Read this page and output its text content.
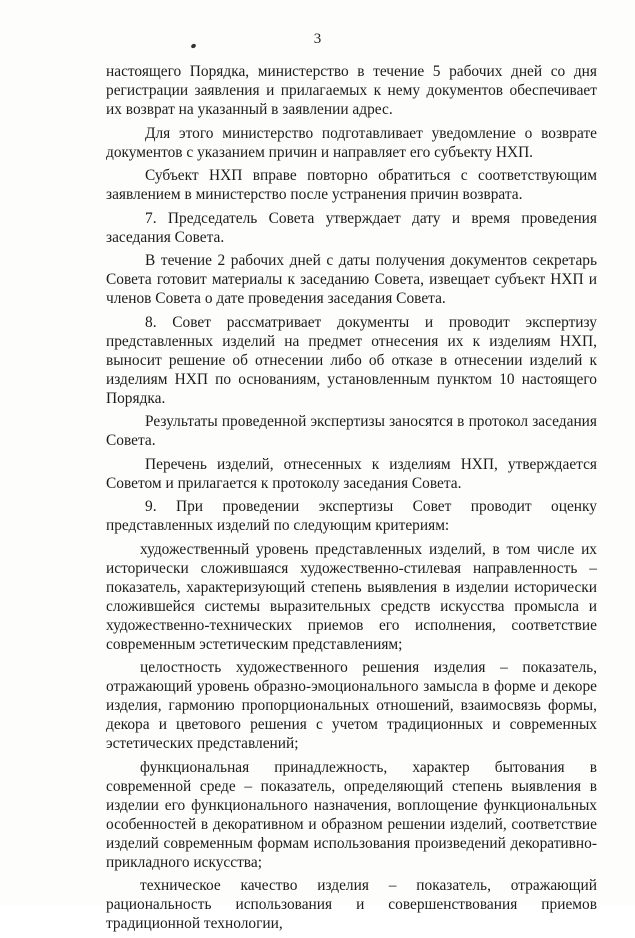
3

настоящего Порядка, министерство в течение 5 рабочих дней со дня регистрации заявления и прилагаемых к нему документов обеспечивает их возврат на указанный в заявлении адрес.

Для этого министерство подготавливает уведомление о возврате документов с указанием причин и направляет его субъекту НХП.

Субъект НХП вправе повторно обратиться с соответствующим заявлением в министерство после устранения причин возврата.

7. Председатель Совета утверждает дату и время проведения заседания Совета.

В течение 2 рабочих дней с даты получения документов секретарь Совета готовит материалы к заседанию Совета, извещает субъект НХП и членов Совета о дате проведения заседания Совета.

8. Совет рассматривает документы и проводит экспертизу представленных изделий на предмет отнесения их к изделиям НХП, выносит решение об отнесении либо об отказе в отнесении изделий к изделиям НХП по основаниям, установленным пунктом 10 настоящего Порядка.

Результаты проведенной экспертизы заносятся в протокол заседания Совета.

Перечень изделий, отнесенных к изделиям НХП, утверждается Советом и прилагается к протоколу заседания Совета.

9. При проведении экспертизы Совет проводит оценку представленных изделий по следующим критериям:

художественный уровень представленных изделий, в том числе их исторически сложившаяся художественно-стилевая направленность – показатель, характеризующий степень выявления в изделии исторически сложившейся системы выразительных средств искусства промысла и художественно-технических приемов его исполнения, соответствие современным эстетическим представлениям;

целостность художественного решения изделия – показатель, отражающий уровень образно-эмоционального замысла в форме и декоре изделия, гармонию пропорциональных отношений, взаимосвязь формы, декора и цветового решения с учетом традиционных и современных эстетических представлений;

функциональная принадлежность, характер бытования в современной среде – показатель, определяющий степень выявления в изделии его функционального назначения, воплощение функциональных особенностей в декоративном и образном решении изделий, соответствие изделий современным формам использования произведений декоративно-прикладного искусства;

техническое качество изделия – показатель, отражающий рациональность использования и совершенствования приемов традиционной технологии,
